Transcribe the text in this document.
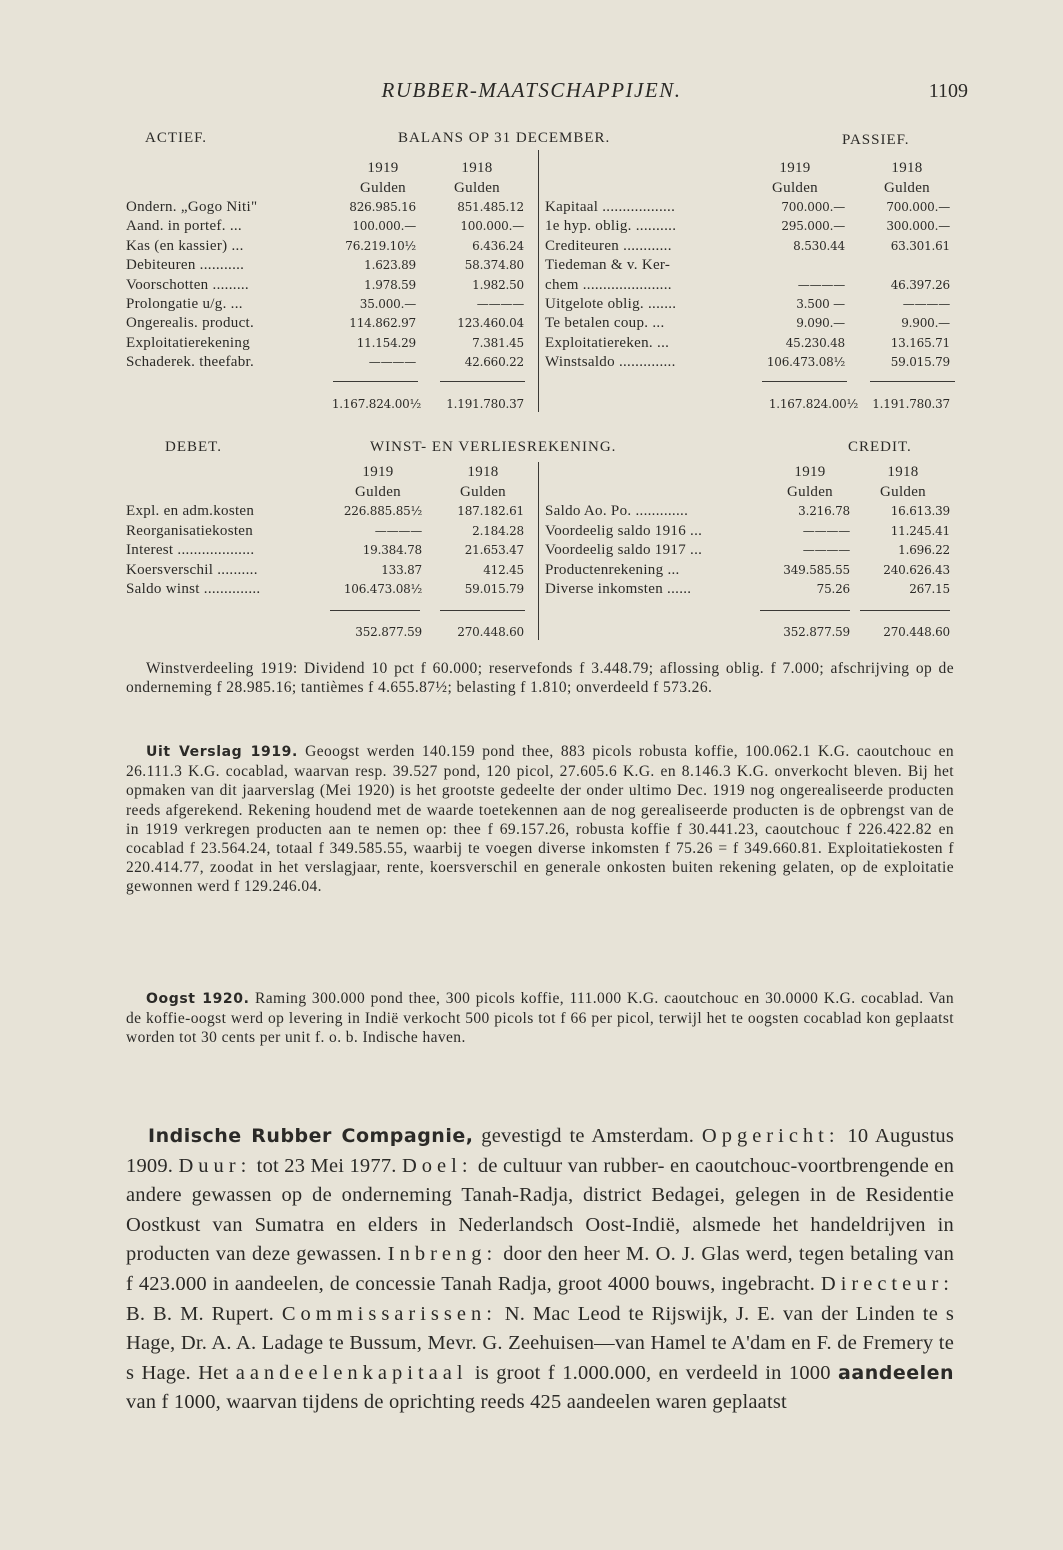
RUBBER-MAATSCHAPPIJEN.	1109
ACTIEF.	BALANS OP 31 DECEMBER.	PASSIEF.
1919	1918
Gulden	Gulden
1919	1918
Gulden	Gulden
Ondern. „Gogo Niti"	826.985.16	851.485.12
Aand. in portef. ...	100.000.—	100.000.—
Kas (en kassier) ...	76.219.10½	6.436.24
Debiteuren ...........	1.623.89	58.374.80
Voorschotten .........	1.978.59	1.982.50
Prolongatie u/g. ...	35.000.—	————
Ongerealis. product.	114.862.97	123.460.04
Exploitatierekening	11.154.29	7.381.45
Schaderek. theefabr.	————	42.660.22
Kapitaal ..................	700.000.—	700.000.—
1e hyp. oblig. ..........	295.000.—	300.000.—
Crediteuren ............	8.530.44	63.301.61
Tiedeman & v. Ker-
chem ......................	————	46.397.26
Uitgelote oblig. .......	3.500 —	————
Te betalen coup. ...	9.090.—	9.900.—
Exploitatiereken. ...	45.230.48	13.165.71
Winstsaldo ..............	106.473.08½	59.015.79
1.167.824.00½	1.191.780.37	1.167.824.00½	1.191.780.37
DEBET.	WINST- EN VERLIESREKENING.	CREDIT.
1919	1918
Gulden	Gulden
1919	1918
Gulden	Gulden
Expl. en adm.kosten	226.885.85½	187.182.61
Reorganisatiekosten	————	2.184.28
Interest ...................	19.384.78	21.653.47
Koersverschil ..........	133.87	412.45
Saldo winst ..............	106.473.08½	59.015.79
Saldo Ao. Po. .............	3.216.78	16.613.39
Voordeelig saldo 1916 ...	————	11.245.41
Voordeelig saldo 1917 ...	————	1.696.22
Productenrekening ...	349.585.55	240.626.43
Diverse inkomsten ......	75.26	267.15
352.877.59	270.448.60	352.877.59	270.448.60
Winstverdeeling 1919: Dividend 10 pct f 60.000; reservefonds f 3.448.79; aflossing oblig. f 7.000; afschrijving op de onderneming f 28.985.16; tantièmes f 4.655.87½; belasting f 1.810; onverdeeld f 573.26.
Uit Verslag 1919. Geoogst werden 140.159 pond thee, 883 picols robusta koffie, 100.062.1 K.G. caoutchouc en 26.111.3 K.G. cocablad, waarvan resp. 39.527 pond, 120 picol, 27.605.6 K.G. en 8.146.3 K.G. onverkocht bleven. Bij het opmaken van dit jaarverslag (Mei 1920) is het grootste gedeelte der onder ultimo Dec. 1919 nog ongerealiseerde producten reeds afgerekend. Rekening houdend met de waarde toetekennen aan de nog gerealiseerde producten is de opbrengst van de in 1919 verkregen producten aan te nemen op: thee f 69.157.26, robusta koffie f 30.441.23, caoutchouc f 226.422.82 en cocablad f 23.564.24, totaal f 349.585.55, waarbij te voegen diverse inkomsten f 75.26 = f 349.660.81. Exploitatiekosten f 220.414.77, zoodat in het verslagjaar, rente, koersverschil en generale onkosten buiten rekening gelaten, op de exploitatie gewonnen werd f 129.246.04.
Oogst 1920. Raming 300.000 pond thee, 300 picols koffie, 111.000 K.G. caoutchouc en 30.0000 K.G. cocablad. Van de koffie-oogst werd op levering in Indië verkocht 500 picols tot f 66 per picol, terwijl het te oogsten cocablad kon geplaatst worden tot 30 cents per unit f. o. b. Indische haven.
Indische Rubber Compagnie, gevestigd te Amsterdam. Opgericht: 10 Augustus 1909. Duur: tot 23 Mei 1977. Doel: de cultuur van rubber- en caoutchouc-voortbrengende en andere gewassen op de onderneming Tanah-Radja, district Bedagei, gelegen in de Residentie Oostkust van Sumatra en elders in Nederlandsch Oost-Indië, alsmede het handeldrijven in producten van deze gewassen. Inbreng: door den heer M. O. J. Glas werd, tegen betaling van f 423.000 in aandeelen, de concessie Tanah Radja, groot 4000 bouws, ingebracht. Directeur: B. B. M. Rupert. Commissarissen: N. Mac Leod te Rijswijk, J. E. van der Linden te s Hage, Dr. A. A. Ladage te Bussum, Mevr. G. Zeehuisen—van Hamel te A'dam en F. de Fremery te s Hage. Het aandeelenkapitaal is groot f 1.000.000, en verdeeld in 1000 aandeelen van f 1000, waarvan tijdens de oprichting reeds 425 aandeelen waren geplaatst
